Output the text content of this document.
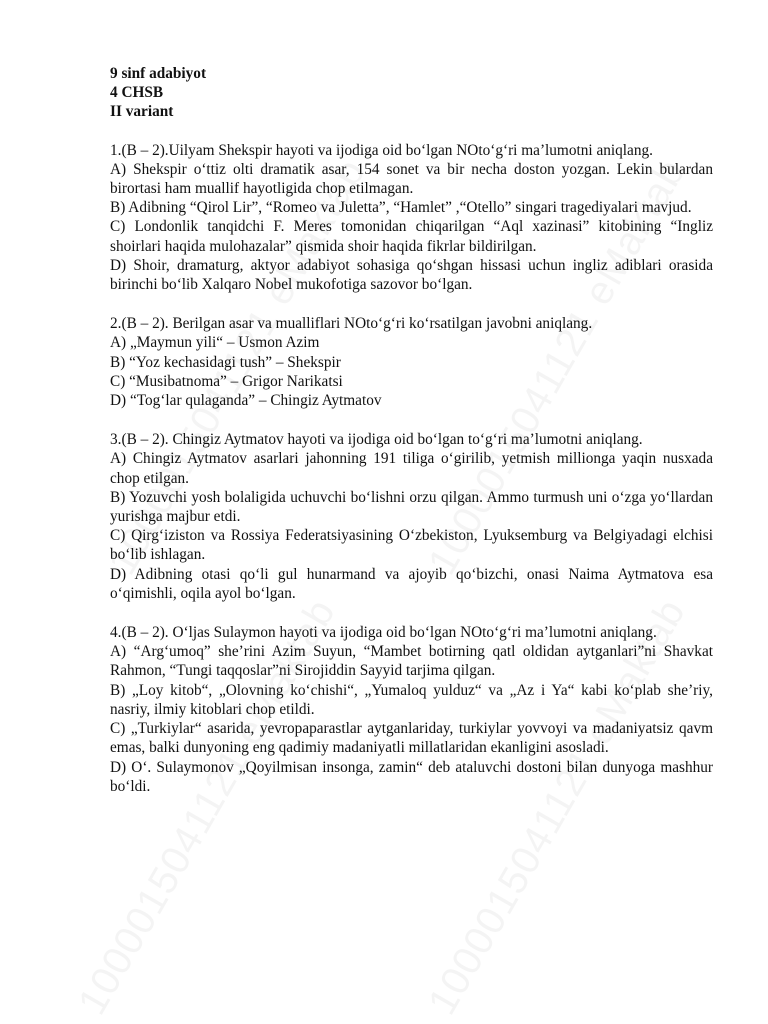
9 sinf adabiyot
4 CHSB
II variant

1.(B – 2).Uilyam Shekspir hayoti va ijodiga oid bo‘lgan NOto‘g‘ri ma’lumotni aniqlang.

A) Shekspir o‘ttiz olti dramatik asar, 154 sonet va bir necha doston yozgan. Lekin bulardan birortasi ham muallif hayotligida chop etilmagan.

B) Adibning “Qirol Lir”, “Romeo va Juletta”, “Hamlet” ,“Otello” singari tragediyalari mavjud.

C) Londonlik tanqidchi F. Meres tomonidan chiqarilgan “Aql xazinasi” kitobining “Ingliz shoirlari haqida mulohazalar” qismida shoir haqida fikrlar bildirilgan.

D) Shoir, dramaturg, aktyor adabiyot sohasiga qo‘shgan hissasi uchun ingliz adiblari orasida birinchi bo‘lib Xalqaro Nobel mukofotiga sazovor bo‘lgan.

2.(B – 2). Berilgan asar va mualliflari NOto‘g‘ri ko‘rsatilgan javobni aniqlang.

A) „Maymun yili“ – Usmon Azim

B) “Yoz kechasidagi tush” – Shekspir

C) “Musibatnoma” – Grigor Narikatsi

D) “Tog‘lar qulaganda” – Chingiz Aytmatov

3.(B – 2). Chingiz Aytmatov hayoti va ijodiga oid bo‘lgan to‘g‘ri ma’lumotni aniqlang.

A) Chingiz Aytmatov asarlari jahonning 191 tiliga o‘girilib, yetmish millionga yaqin nusxada chop etilgan.

B) Yozuvchi yosh bolaligida uchuvchi bo‘lishni orzu qilgan. Ammo turmush uni o‘zga yo‘llardan yurishga majbur etdi.

C) Qirg‘iziston va Rossiya Federatsiyasining O‘zbekiston, Lyuksemburg va Belgiyadagi elchisi bo‘lib ishlagan.

D) Adibning otasi qo‘li gul hunarmand va ajoyib qo‘bizchi, onasi Naima Aytmatova esa o‘qimishli, oqila ayol bo‘lgan.

4.(B – 2). O‘ljas Sulaymon hayoti va ijodiga oid bo‘lgan NOto‘g‘ri ma’lumotni aniqlang.

A) “Arg‘umoq” she’rini Azim Suyun, “Mambet botirning qatl oldidan aytganlari”ni Shavkat Rahmon, “Tungi taqqoslar”ni Sirojiddin Sayyid tarjima qilgan.

B) „Loy kitob“, „Olovning ko‘chishi“, „Yumaloq yulduz“ va „Az i Ya“ kabi ko‘plab she’riy, nasriy, ilmiy kitoblari chop etildi.

C) „Turkiylar“ asarida, yevropaparastlar aytganlariday, turkiylar yovvoyi va madaniyatsiz qavm emas, balki dunyoning eng qadimiy madaniyatli millatlaridan ekanligini asosladi.

D) O‘. Sulaymonov „Qoyilmisan insonga, zamin“ deb ataluvchi dostoni bilan dunyoga mashhur bo‘ldi.
